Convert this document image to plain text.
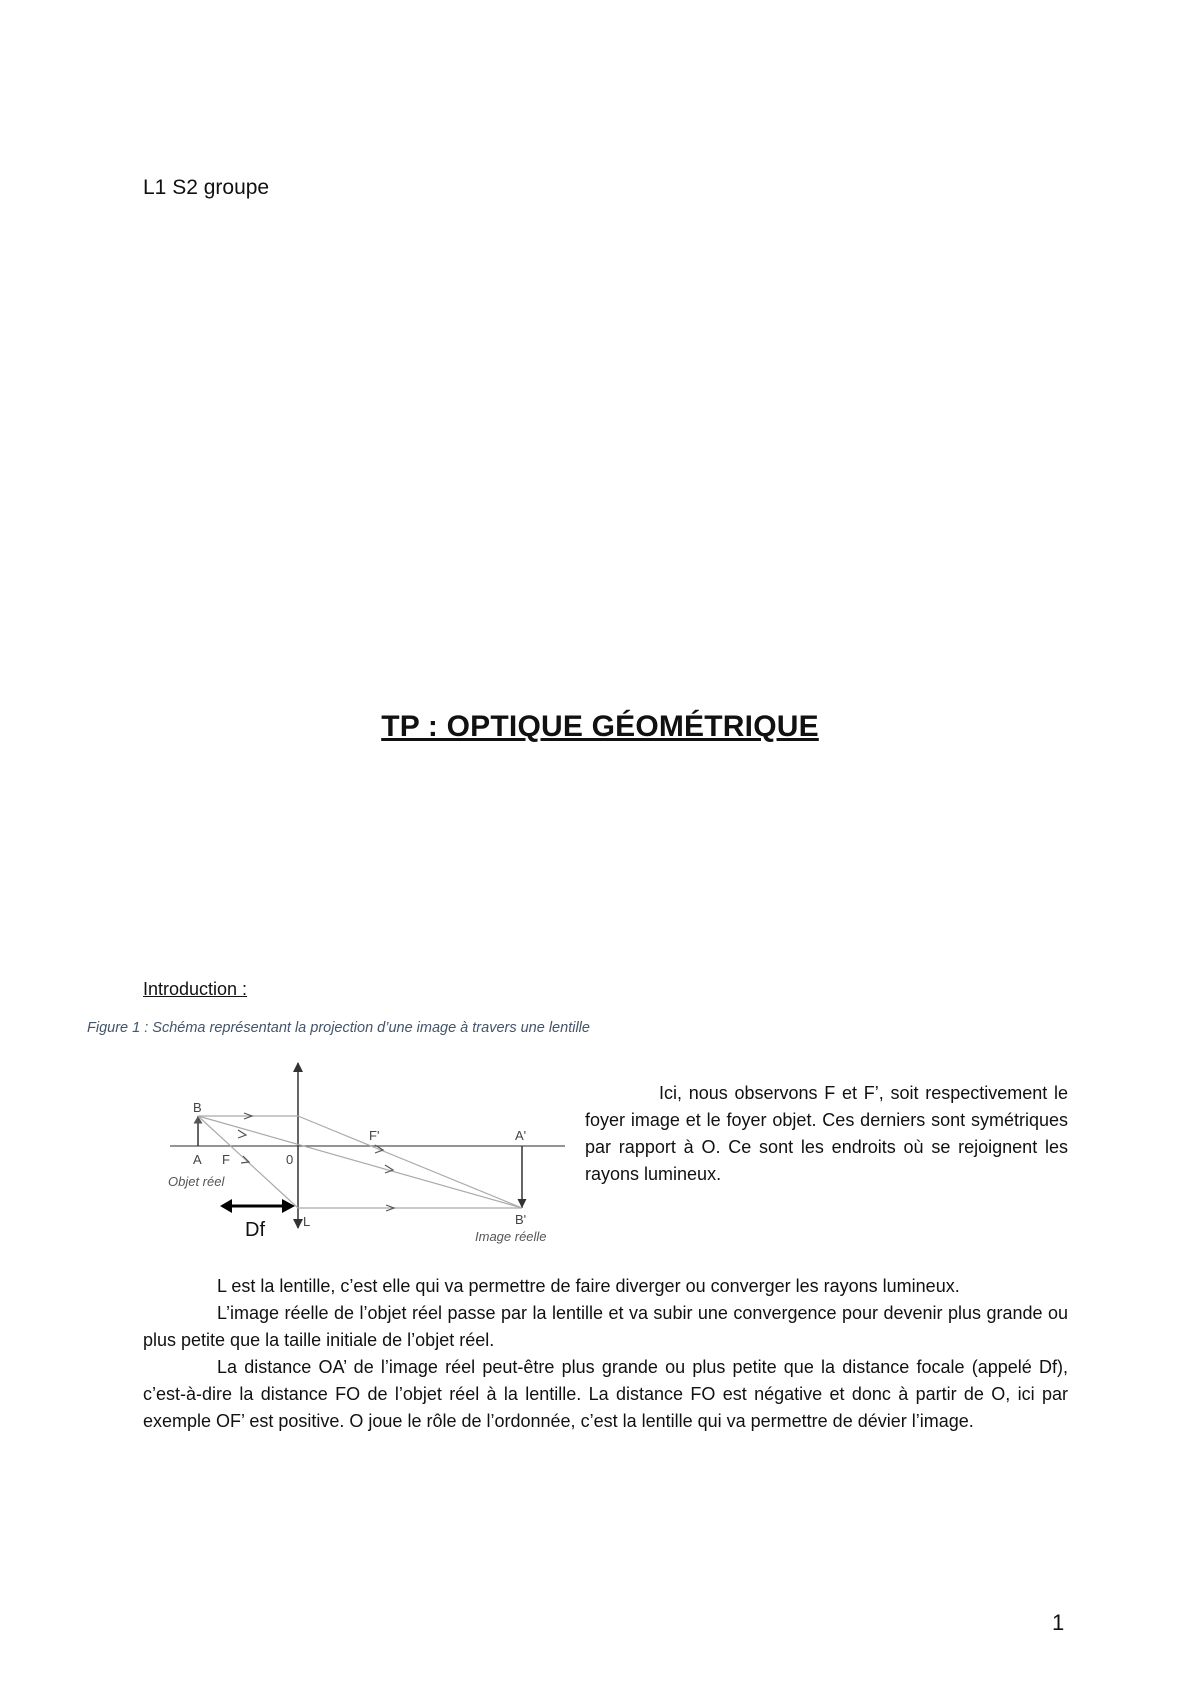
L1 S2 groupe
TP : OPTIQUE GÉOMÉTRIQUE
Introduction :
Figure 1 : Schéma représentant la projection d’une image à travers une lentille
B
A F	0
F'	A'
B'
L
Objet réel
Image réelle
Df

Ici, nous observons F et F’, soit respectivement le foyer image et le foyer objet. Ces derniers sont symétriques par rapport à O. Ce sont les endroits où se rejoignent les rayons lumineux.

L est la lentille, c’est elle qui va permettre de faire diverger ou converger les rayons lumineux.

L’image réelle de l’objet réel passe par la lentille et va subir une convergence pour devenir plus grande ou plus petite que la taille initiale de l’objet réel.

La distance OA’ de l’image réel peut-être plus grande ou plus petite que la distance focale (appelé Df), c’est-à-dire la distance FO de l’objet réel à la lentille. La distance FO est négative et donc à partir de O, ici par exemple OF’ est positive. O joue le rôle de l’ordonnée, c’est la lentille qui va permettre de dévier l’image.

1
